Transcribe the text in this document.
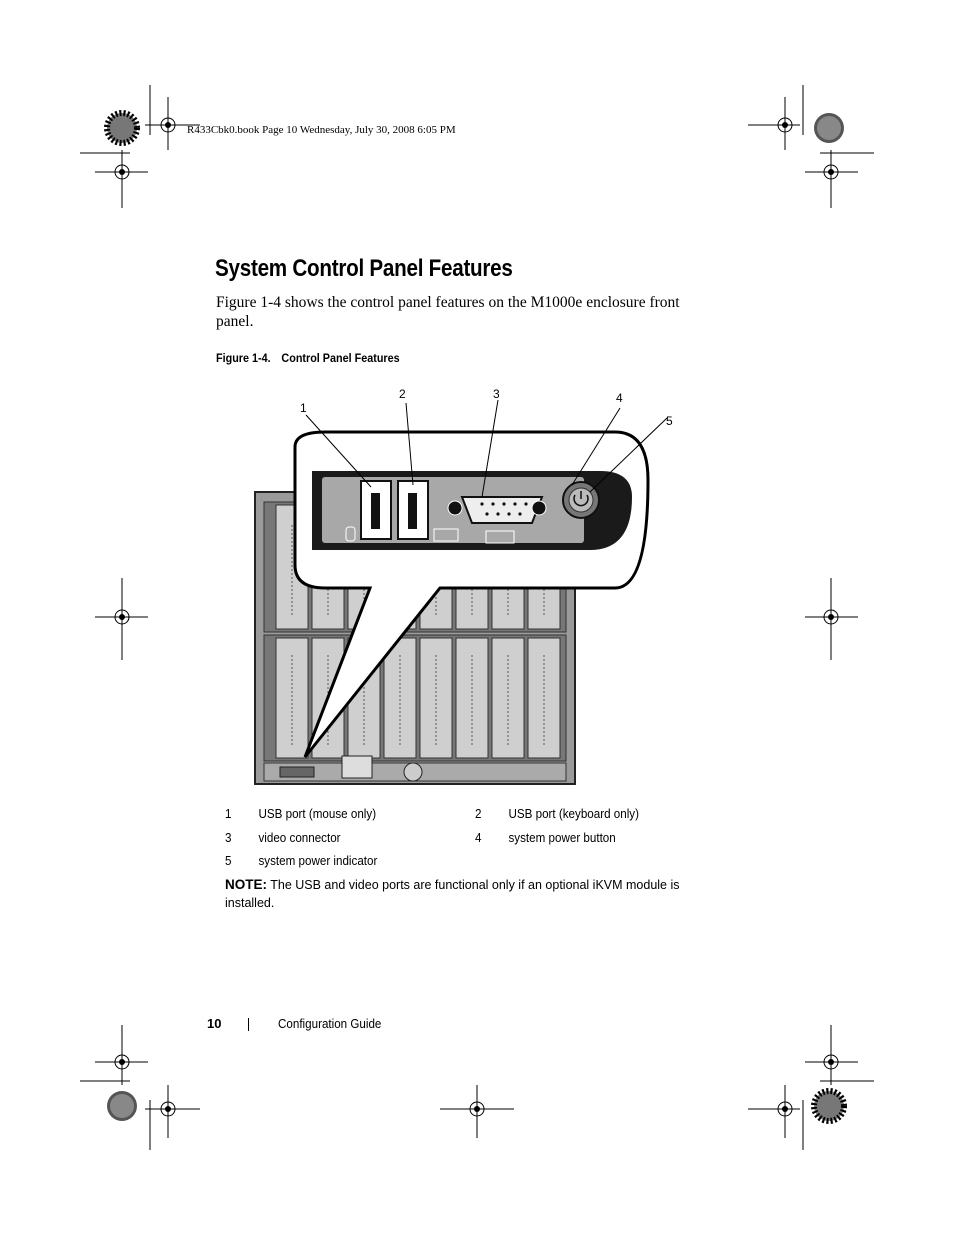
R433Cbk0.book Page 10 Wednesday, July 30, 2008 6:05 PM
System Control Panel Features

Figure 1-4 shows the control panel features on the M1000e enclosure front panel.

Figure 1-4. Control Panel Features
1
2	3	4
5
1 USB port (mouse only)	2 USB port (keyboard only)
3 video connector	4 system power button
5 system power indicator
NOTE: The USB and video ports are functional only if an optional iKVM module is installed.
10	Configuration Guide
